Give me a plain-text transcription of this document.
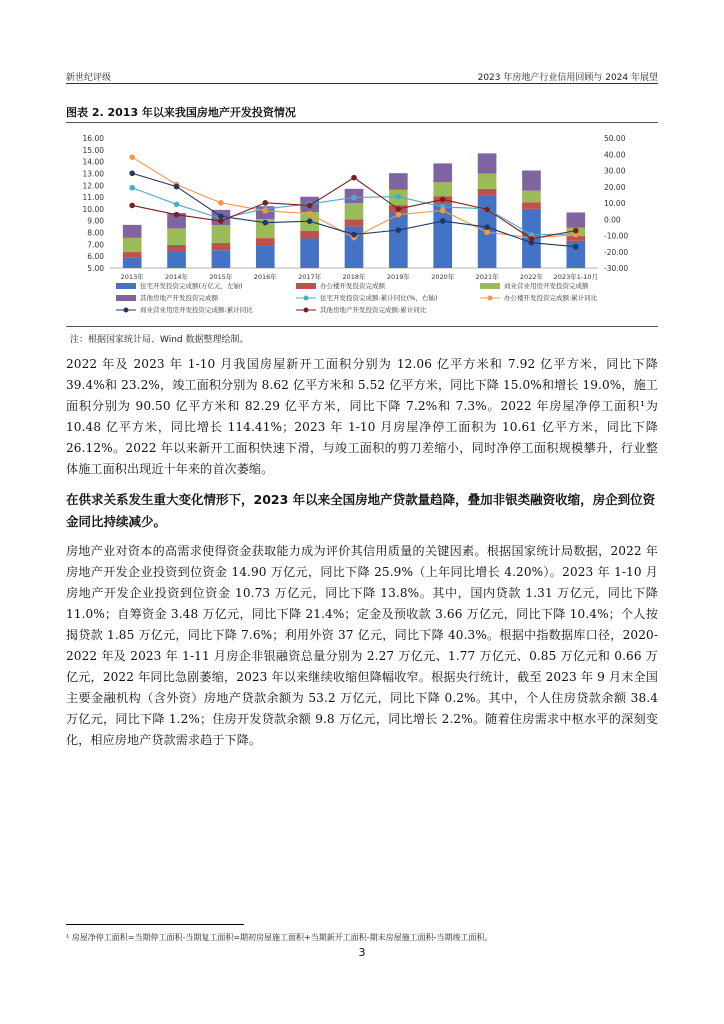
新世纪评级	2023 年房地产行业信用回顾与 2024 年展望
图表 2. 2013 年以来我国房地产开发投资情况
5.00
6.00
7.00
8.00
9.00
10.00
11.00
12.00
13.00
14.00
15.00
16.00
-30.00
-20.00
-10.00
0.00
10.00
20.00
30.00
40.00
50.00
2013年	2014年	2015年	2016年	2017年	2018年	2019年	2020年	2021年	2022年 2023年1-10月
住宅开发投资完成额(万亿元，左轴)	办公楼开发投资完成额	商业营业用房开发投资完成额
其他房地产开发投资完成额	住宅开发投资完成额:累计同比(%，右轴)	办公楼开发投资完成额:累计同比
商业营业用房开发投资完成额:累计同比	其他房地产开发投资完成额:累计同比
注：根据国家统计局、Wind 数据整理绘制。

2022 年及 2023 年 1-10 月我国房屋新开工面积分别为 12.06 亿平方米和 7.92 亿平方米，同比下降 39.4%和 23.2%，竣工面积分别为 8.62 亿平方米和 5.52 亿平方米，同比下降 15.0%和增长 19.0%，施工面积分别为 90.50 亿平方米和 82.29 亿平方米，同比下降 7.2%和 7.3%。2022 年房屋净停工面积¹为 10.48 亿平方米，同比增长 114.41%；2023 年 1-10 月房屋净停工面积为 10.61 亿平方米，同比下降 26.12%。2022 年以来新开工面积快速下滑，与竣工面积的剪刀差缩小，同时净停工面积规模攀升，行业整体施工面积出现近十年来的首次萎缩。

在供求关系发生重大变化情形下，2023 年以来全国房地产贷款量趋降，叠加非银类融资收缩，房企到位资金同比持续减少。

房地产业对资本的高需求使得资金获取能力成为评价其信用质量的关键因素。根据国家统计局数据，2022 年房地产开发企业投资到位资金 14.90 万亿元，同比下降 25.9%（上年同比增长 4.20%）。2023 年 1-10 月房地产开发企业投资到位资金 10.73 万亿元，同比下降 13.8%。其中，国内贷款 1.31 万亿元，同比下降 11.0%；自筹资金 3.48 万亿元，同比下降 21.4%；定金及预收款 3.66 万亿元，同比下降 10.4%；个人按揭贷款 1.85 万亿元，同比下降 7.6%；利用外资 37 亿元，同比下降 40.3%。根据中指数据库口径，2020-2022 年及 2023 年 1-11 月房企非银融资总量分别为 2.27 万亿元、1.77 万亿元、0.85 万亿元和 0.66 万亿元，2022 年同比急剧萎缩，2023 年以来继续收缩但降幅收窄。根据央行统计，截至 2023 年 9 月末全国主要金融机构（含外资）房地产贷款余额为 53.2 万亿元，同比下降 0.2%。其中，个人住房贷款余额 38.4 万亿元，同比下降 1.2%；住房开发贷款余额 9.8 万亿元，同比增长 2.2%。随着住房需求中枢水平的深刻变化，相应房地产贷款需求趋于下降。

¹ 房屋净停工面积=当期停工面积-当期复工面积=期初房屋施工面积+当期新开工面积-期末房屋施工面积-当期竣工面积。
3
